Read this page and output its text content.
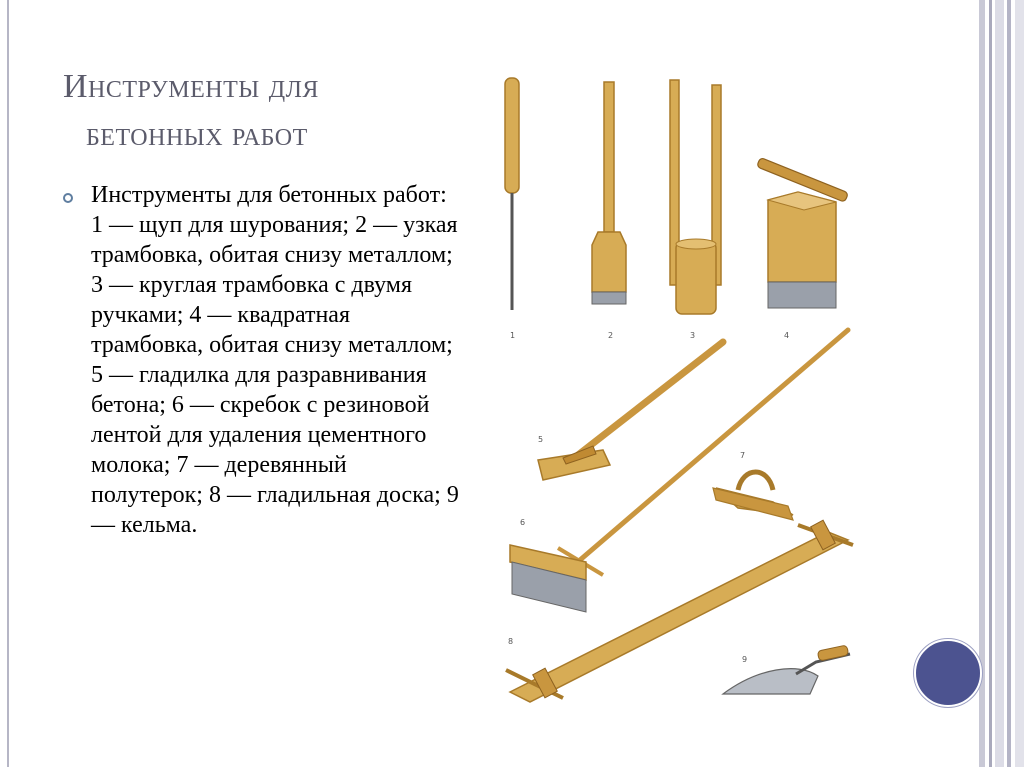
Инструменты для
бетонных работ

Инструменты для бетонных работ: 1 — щуп для шурования; 2 — узкая трамбовка, обитая снизу металлом; 3 — круглая трамбовка с двумя ручками; 4 — квадратная трамбовка, обитая снизу металлом; 5 — гладилка для разравнивания бетона; 6 — скребок с резиновой лентой для удаления цементного молока; 7 — деревянный полутерок; 8 — гладильная доска; 9 — кельма.

1	2	3	4
5
6
7
8
9
